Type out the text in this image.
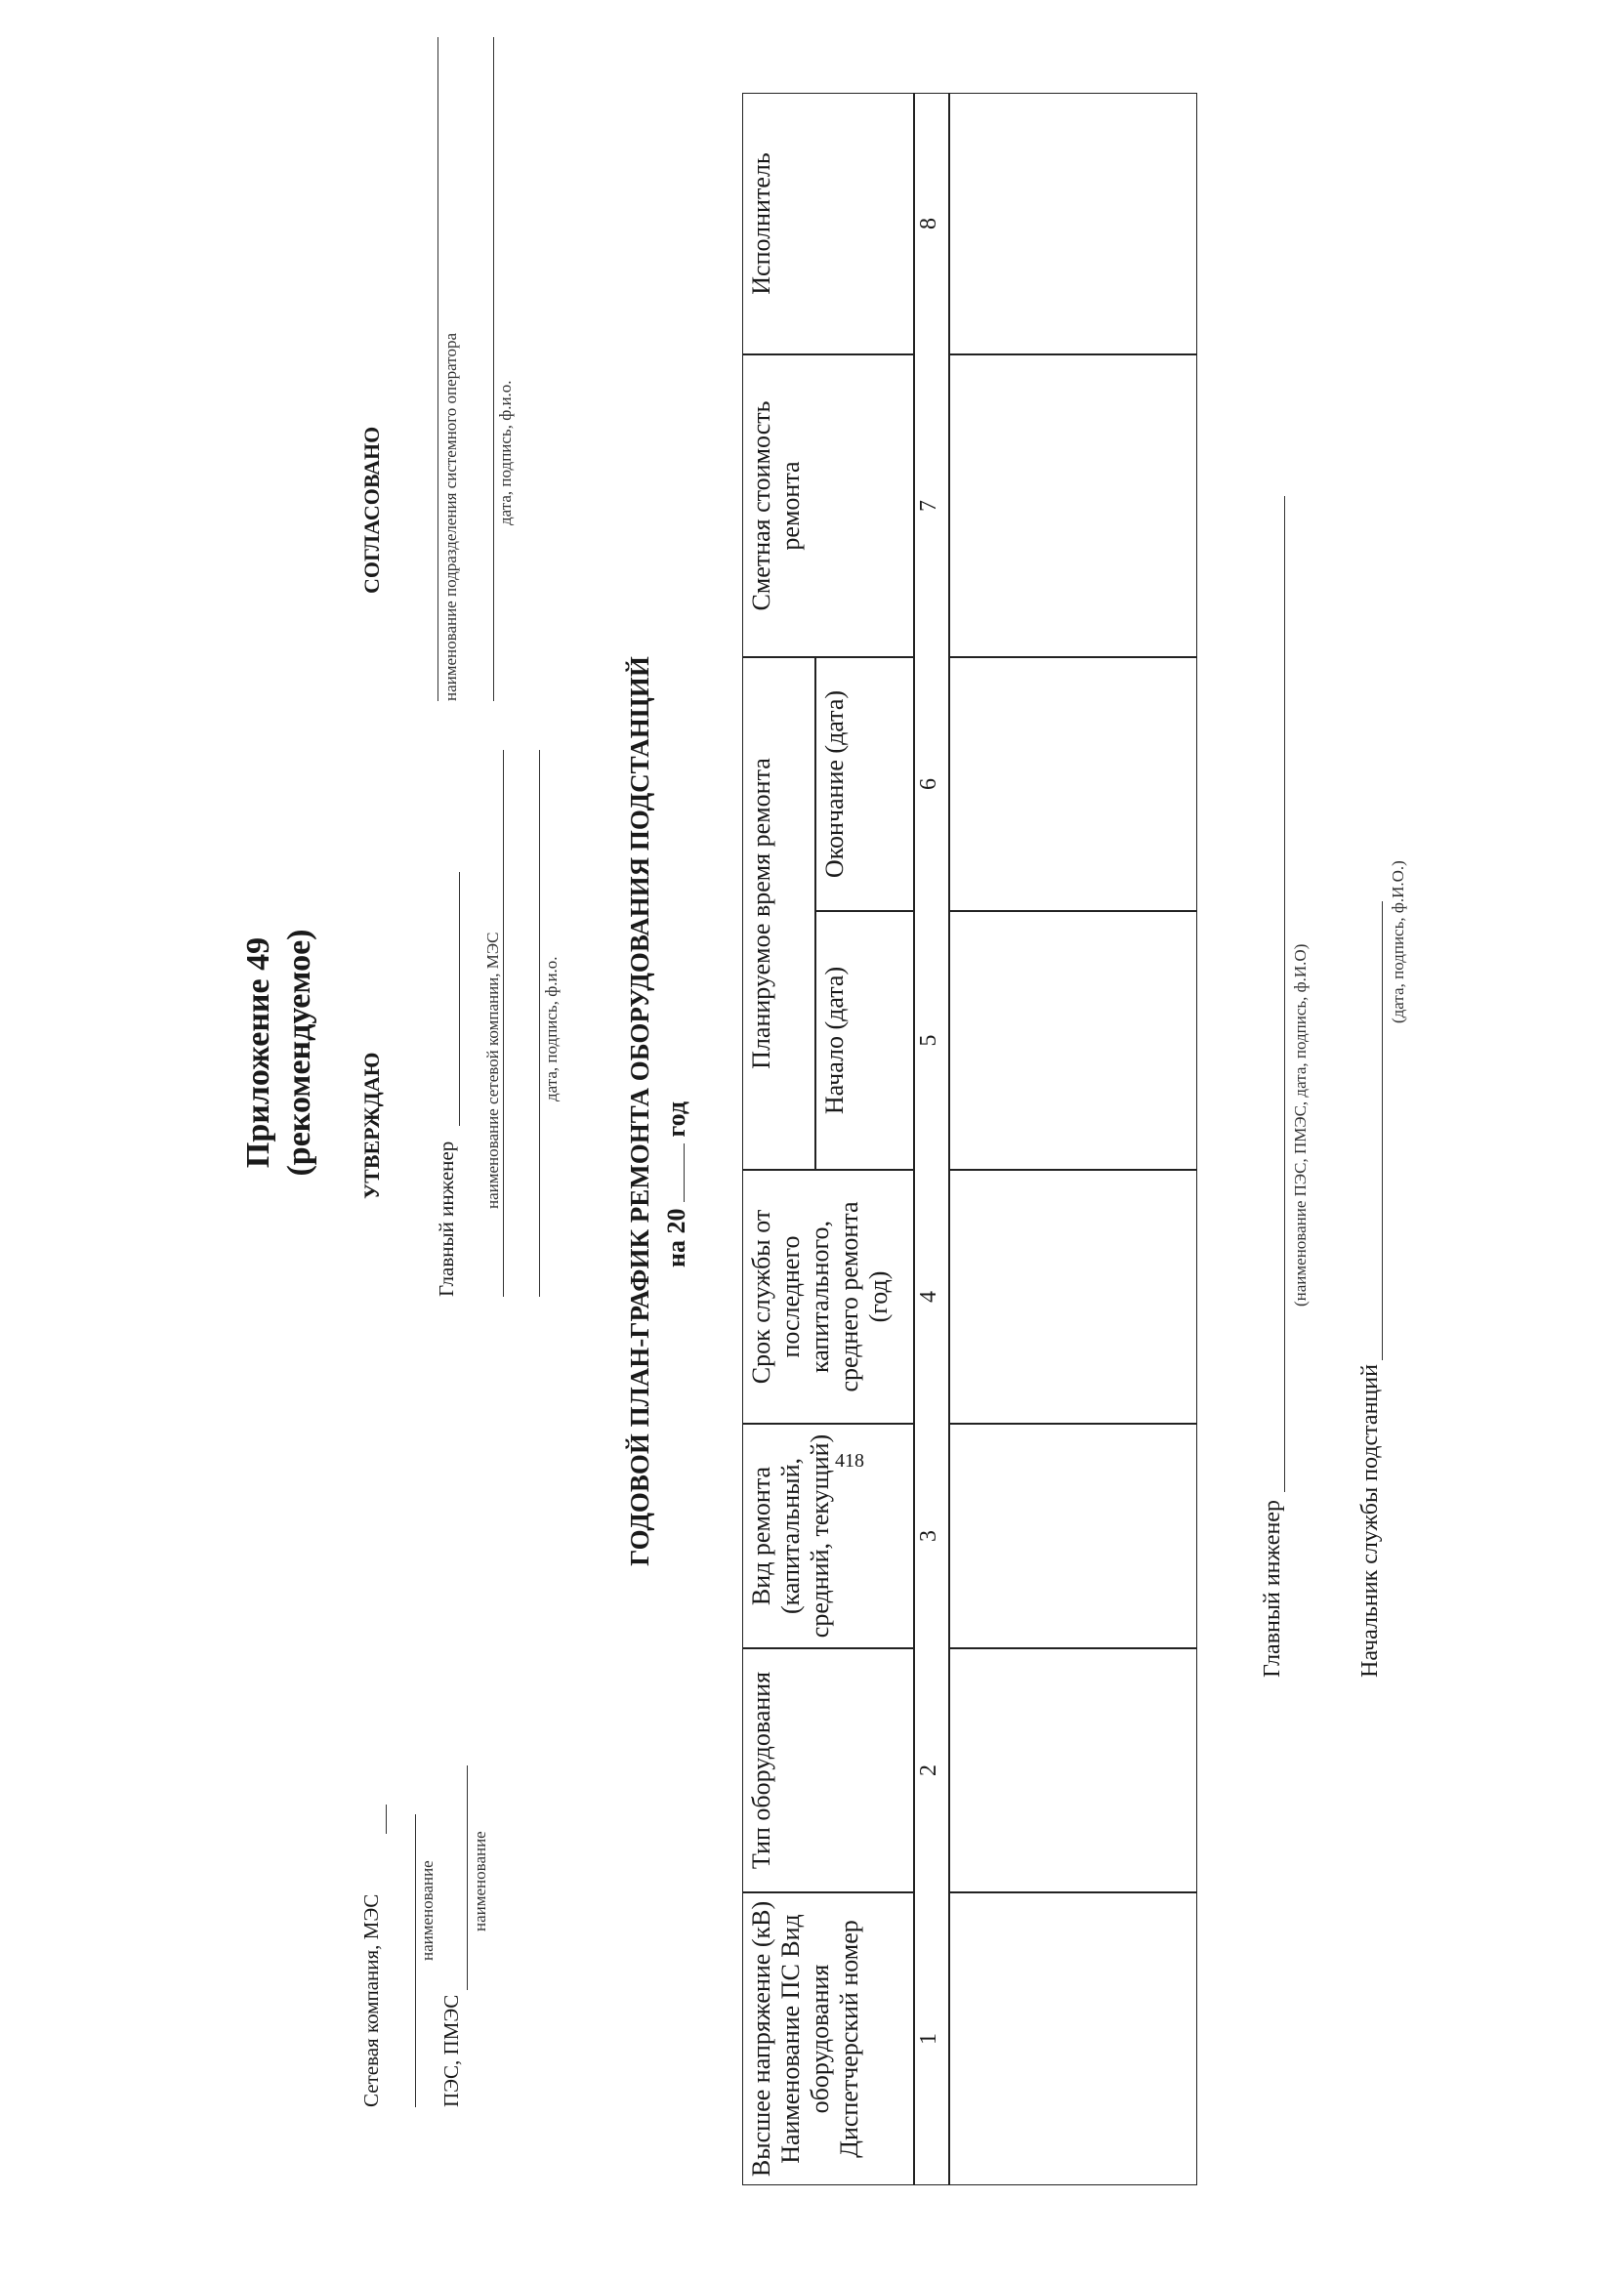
Приложение 49 (рекомендуемое)
Сетевая компания, МЭС наименование
ПЭС, ПМЭС
наименование
УТВЕРЖДАЮ
Главный инженер
наименование сетевой компании, МЭС дата, подпись, ф.и.о.
СОГЛАСОВАНО	наименование подразделения системного оператора дата, подпись, ф.и.о.
ГОДОВОЙ ПЛАН-ГРАФИК РЕМОНТА ОБОРУДОВАНИЯ ПОДСТАНЦИЙ на 20  год
Высшее напряжение (кВ) Наименование ПС Вид оборудования Диспетчерский номер
Тип оборудования
Вид ремонта (капитальный, средний, текущий)
Срок службы от последнего капитального, среднего ремонта (год)
Планируемое время ремонта	Начало (дата)
Окончание (дата)
Сметная стоимость ремонта
Исполнитель
1
2
3
4
5
6
7
8
Главный инженер
(наименование ПЭС, ПМЭС, дата, подпись, ф.И.О)
Начальник службы подстанций
(дата, подпись, ф.И.О.)
418
